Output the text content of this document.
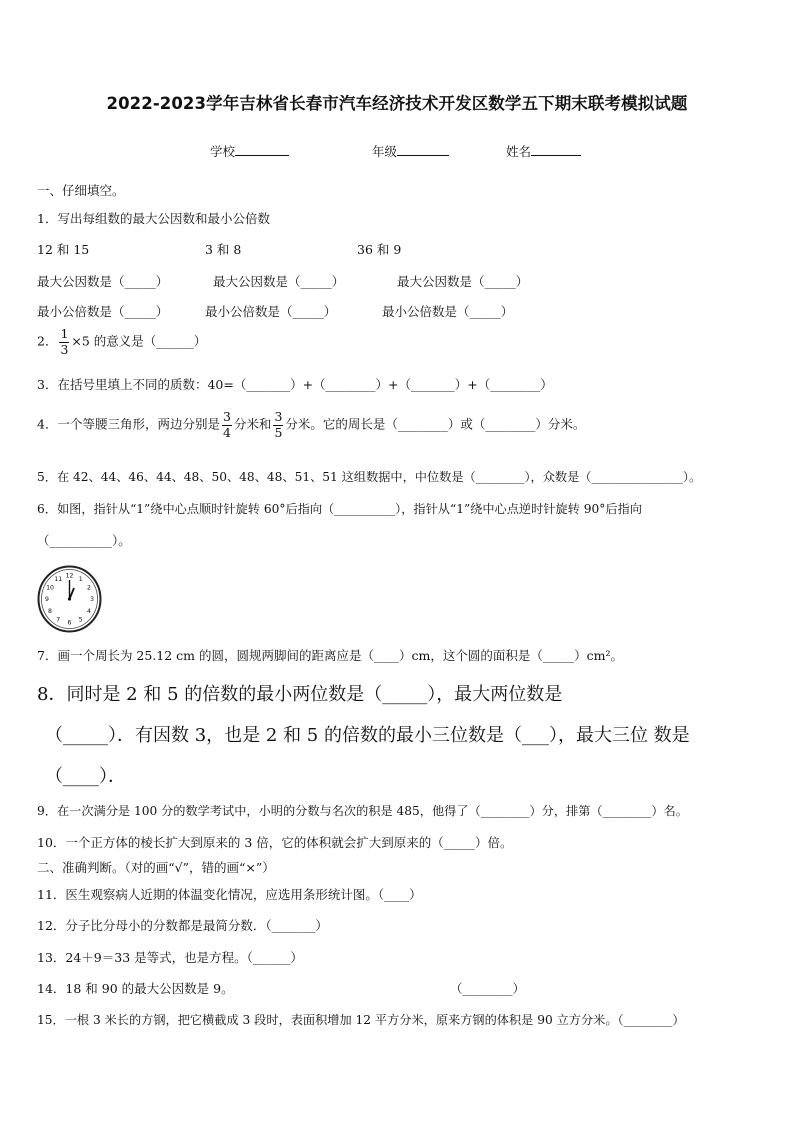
2022-2023学年吉林省长春市汽车经济技术开发区数学五下期末联考模拟试题
学校	年级	姓名
一、仔细填空。
1．写出每组数的最大公因数和最小公倍数
12 和 15	3 和 8	36 和 9
最大公因数是（_____）	最大公因数是（_____）	最大公因数是（_____）
最小公倍数是（_____）	最小公倍数是（_____）	最小公倍数是（_____）
2． $\frac{1}{3} \times 5$ 的意义是（______）
3．在括号里填上不同的质数：40=（_______）+（________）+（_______）+（________）
4．一个等腰三角形，两边分别是 $\frac{3}{4}$ 分米和 $\frac{3}{5}$ 分米。它的周长是（________）或（________）分米。
5．在 42、44、46、44、48、50、48、48、51、51 这组数据中，中位数是（________），众数是（_______________）。
6．如图，指针从“1”绕中心点顺时针旋转 60°后指向（__________），指针从“1”绕中心点逆时针旋转 90°后指向
（__________）。
12 1
2
3
4
5
6
7
8
9
10
11
7．画一个周长为 25.12 cm 的圆，圆规两脚间的距离应是（____）cm，这个圆的面积是（_____）cm²。
8．同时是 2 和 5 的倍数的最小两位数是（_____），最大两位数是
（_____）．有因数 3，也是 2 和 5 的倍数的最小三位数是（___），最大三位 数是
（____）．
9．在一次满分是 100 分的数学考试中，小明的分数与名次的积是 485，他得了（________）分，排第（________）名。
10．一个正方体的棱长扩大到原来的 3 倍，它的体积就会扩大到原来的（_____）倍。
二、准确判断。（对的画“√”，错的画“×”）
11．医生观察病人近期的体温变化情况，应选用条形统计图。（____）
12．分子比分母小的分数都是最简分数．（_______）
13．24＋9＝33 是等式，也是方程。（______）
14．18 和 90 的最大公因数是 9。	（________）
15．一根 3 米长的方钢，把它横截成 3 段时，表面积增加 12 平方分米，原来方钢的体积是 90 立方分米。（________）
